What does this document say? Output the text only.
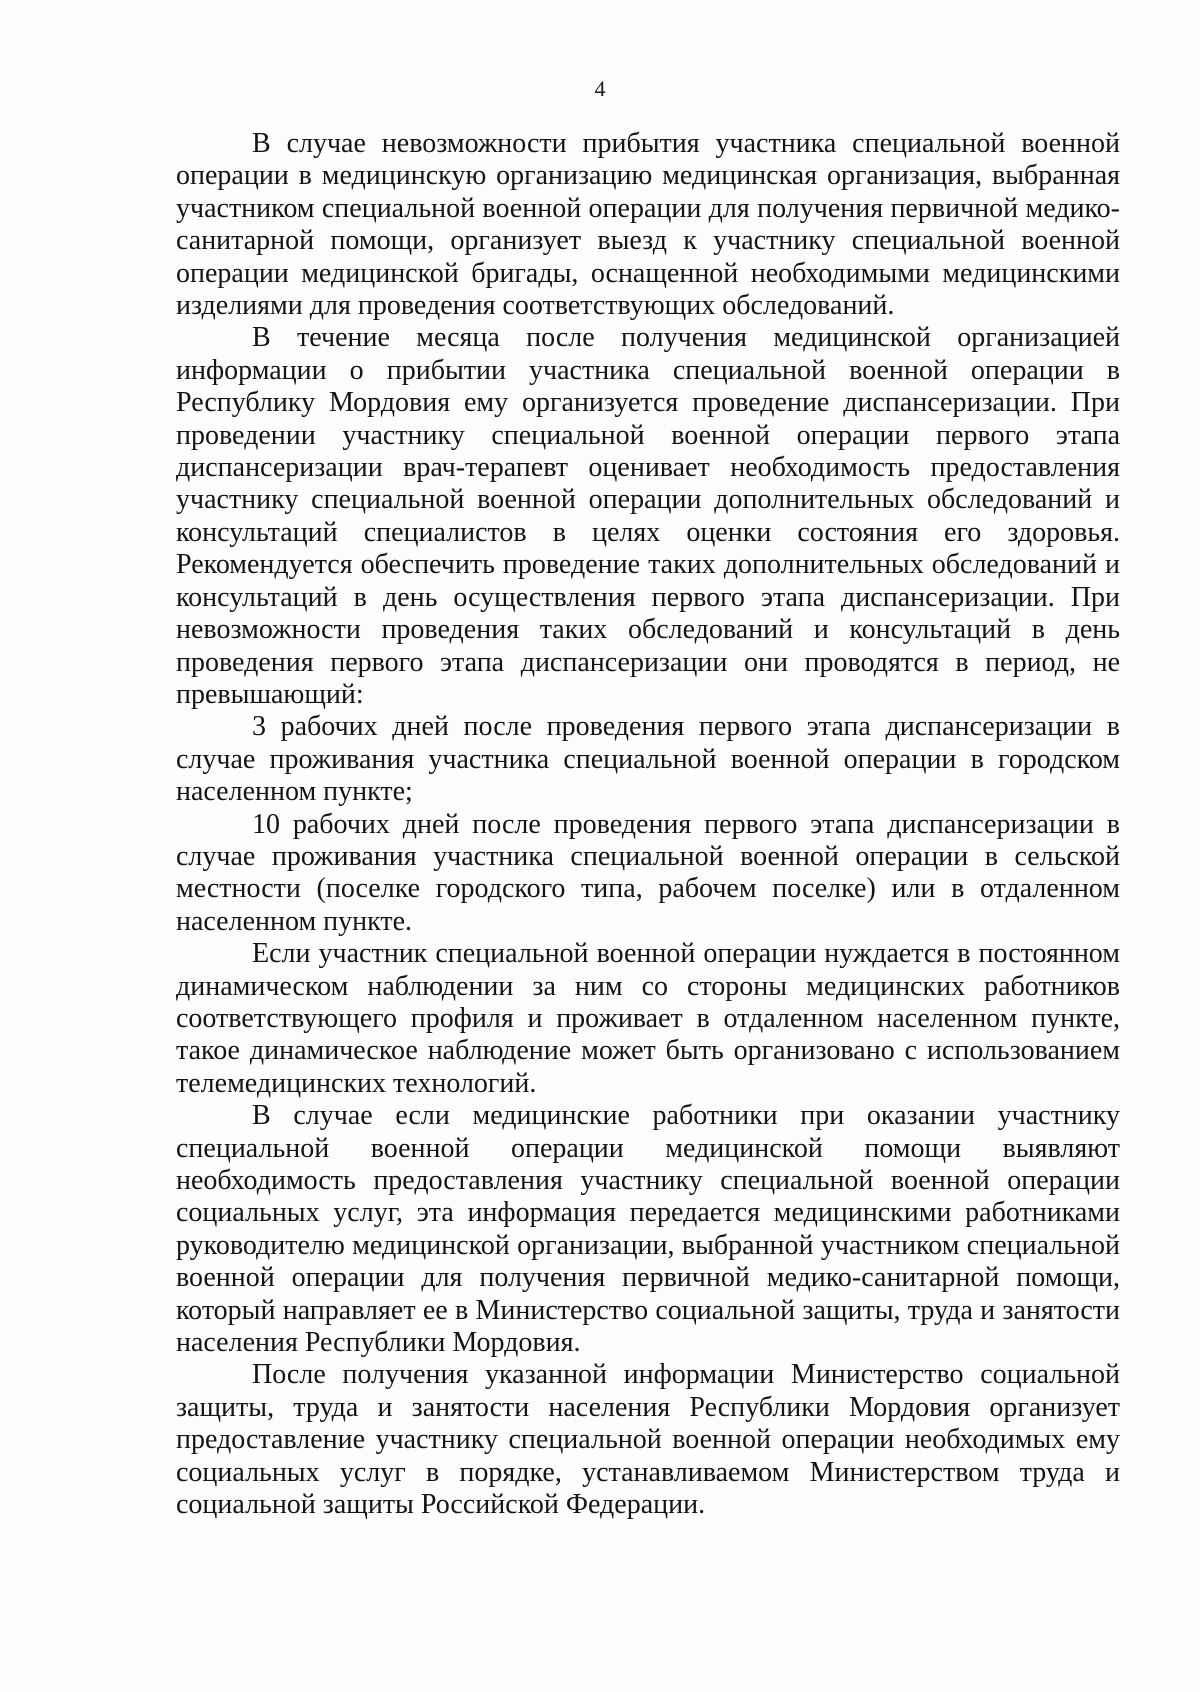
4

В случае невозможности прибытия участника специальной военной операции в медицинскую организацию медицинская организация, выбранная участником специальной военной операции для получения первичной медико-санитарной помощи, организует выезд к участнику специальной военной операции медицинской бригады, оснащенной необходимыми медицинскими изделиями для проведения соответствующих обследований.

В течение месяца после получения медицинской организацией информации о прибытии участника специальной военной операции в Республику Мордовия ему организуется проведение диспансеризации. При проведении участнику специальной военной операции первого этапа диспансеризации врач-терапевт оценивает необходимость предоставления участнику специальной военной операции дополнительных обследований и консультаций специалистов в целях оценки состояния его здоровья. Рекомендуется обеспечить проведение таких дополнительных обследований и консультаций в день осуществления первого этапа диспансеризации. При невозможности проведения таких обследований и консультаций в день проведения первого этапа диспансеризации они проводятся в период, не превышающий:

3 рабочих дней после проведения первого этапа диспансеризации в случае проживания участника специальной военной операции в городском населенном пункте;

10 рабочих дней после проведения первого этапа диспансеризации в случае проживания участника специальной военной операции в сельской местности (поселке городского типа, рабочем поселке) или в отдаленном населенном пункте.

Если участник специальной военной операции нуждается в постоянном динамическом наблюдении за ним со стороны медицинских работников соответствующего профиля и проживает в отдаленном населенном пункте, такое динамическое наблюдение может быть организовано с использованием телемедицинских технологий.

В случае если медицинские работники при оказании участнику специальной военной операции медицинской помощи выявляют необходимость предоставления участнику специальной военной операции социальных услуг, эта информация передается медицинскими работниками руководителю медицинской организации, выбранной участником специальной военной операции для получения первичной медико-санитарной помощи, который направляет ее в Министерство социальной защиты, труда и занятости населения Республики Мордовия.

После получения указанной информации Министерство социальной защиты, труда и занятости населения Республики Мордовия организует предоставление участнику специальной военной операции необходимых ему социальных услуг в порядке, устанавливаемом Министерством труда и социальной защиты Российской Федерации.
